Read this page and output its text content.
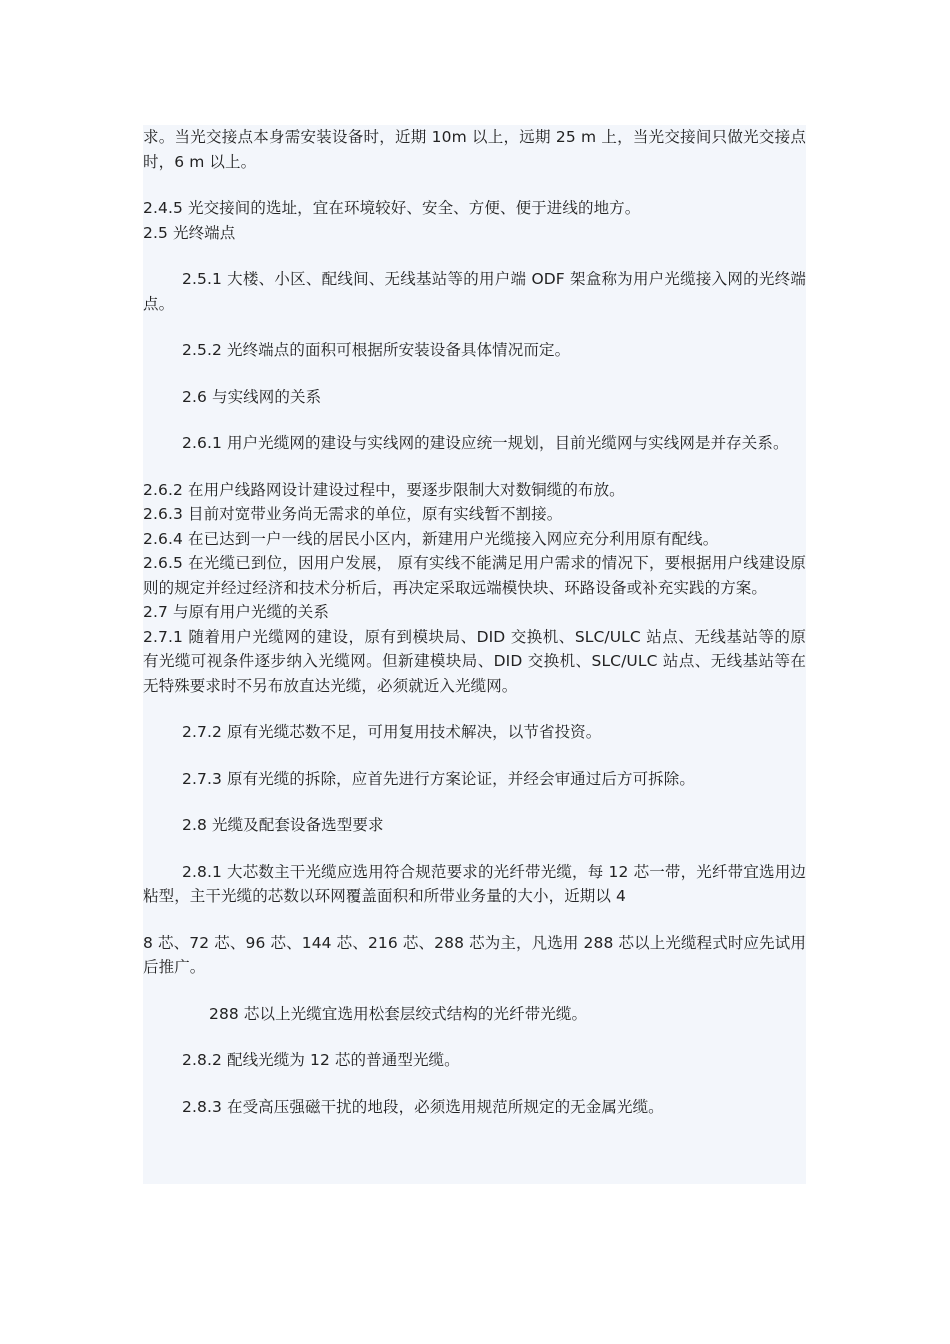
求。当光交接点本身需安装设备时，近期 10m 以上，远期 25 m 上，当光交接间只做光交接点时，6 m 以上。

2.4.5 光交接间的选址，宜在环境较好、安全、方便、便于进线的地方。

2.5 光终端点

2.5.1 大楼、小区、配线间、无线基站等的用户端 ODF 架盒称为用户光缆接入网的光终端点。

2.5.2 光终端点的面积可根据所安装设备具体情况而定。

2.6 与实线网的关系

2.6.1 用户光缆网的建设与实线网的建设应统一规划，目前光缆网与实线网是并存关系。

2.6.2 在用户线路网设计建设过程中，要逐步限制大对数铜缆的布放。

2.6.3 目前对宽带业务尚无需求的单位，原有实线暂不割接。

2.6.4 在已达到一户一线的居民小区内，新建用户光缆接入网应充分利用原有配线。

2.6.5 在光缆已到位，因用户发展， 原有实线不能满足用户需求的情况下，要根据用户线建设原则的规定并经过经济和技术分析后，再决定采取远端模快块、环路设备或补充实践的方案。

2.7 与原有用户光缆的关系

2.7.1 随着用户光缆网的建设，原有到模块局、DID 交换机、SLC/ULC 站点、无线基站等的原有光缆可视条件逐步纳入光缆网。但新建模块局、DID 交换机、SLC/ULC 站点、无线基站等在无特殊要求时不另布放直达光缆，必须就近入光缆网。

2.7.2 原有光缆芯数不足，可用复用技术解决，以节省投资。

2.7.3 原有光缆的拆除，应首先进行方案论证，并经会审通过后方可拆除。

2.8 光缆及配套设备选型要求

2.8.1 大芯数主干光缆应选用符合规范要求的光纤带光缆，每 12 芯一带，光纤带宜选用边粘型，主干光缆的芯数以环网覆盖面积和所带业务量的大小，近期以 4

8 芯、72 芯、96 芯、144 芯、216 芯、288 芯为主，凡选用 288 芯以上光缆程式时应先试用后推广。

288 芯以上光缆宜选用松套层绞式结构的光纤带光缆。

2.8.2 配线光缆为 12 芯的普通型光缆。

2.8.3 在受高压强磁干扰的地段，必须选用规范所规定的无金属光缆。
